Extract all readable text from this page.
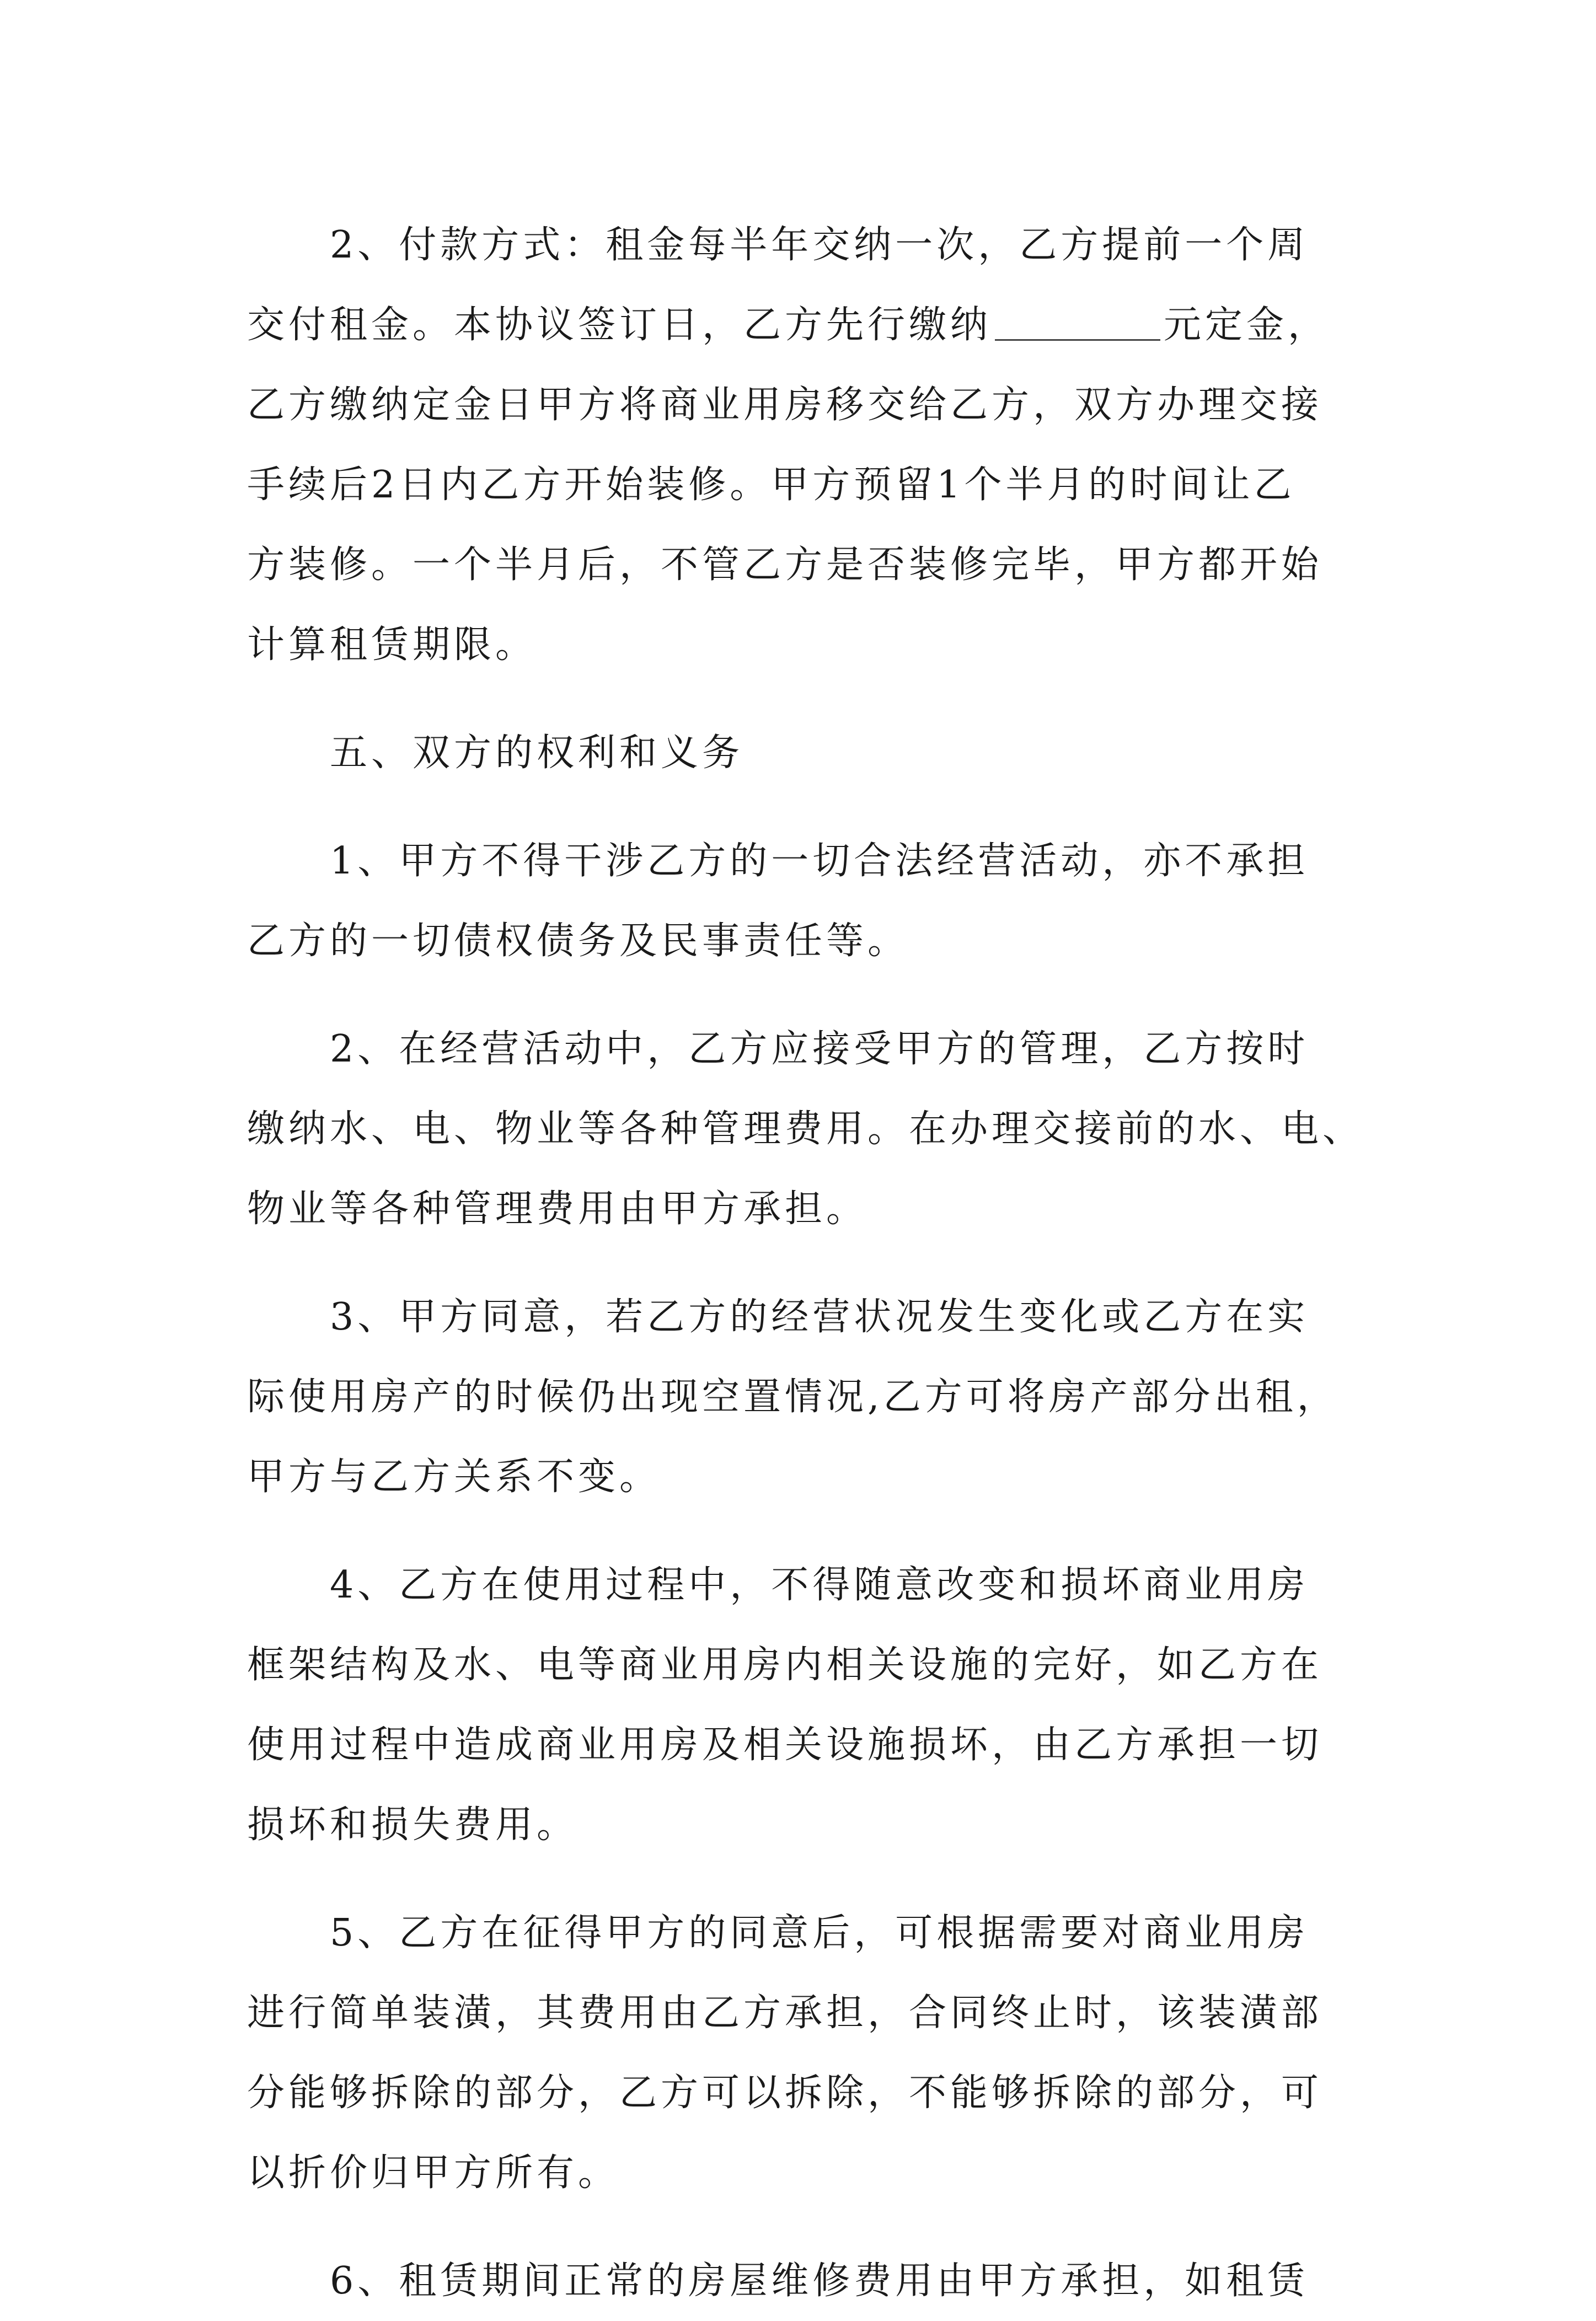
2、付款方式：租金每半年交纳一次，乙方提前一个周
交付租金。本协议签订日，乙方先行缴纳	元定金，
乙方缴纳定金日甲方将商业用房移交给乙方，双方办理交接
手续后2日内乙方开始装修。甲方预留1个半月的时间让乙
方装修。一个半月后，不管乙方是否装修完毕，甲方都开始
计算租赁期限。
五、双方的权利和义务
1、甲方不得干涉乙方的一切合法经营活动，亦不承担
乙方的一切债权债务及民事责任等。
2、在经营活动中，乙方应接受甲方的管理，乙方按时
缴纳水、电、物业等各种管理费用。在办理交接前的水、电、
物业等各种管理费用由甲方承担。
3、甲方同意，若乙方的经营状况发生变化或乙方在实
际使用房产的时候仍出现空置情况,乙方可将房产部分出租，
甲方与乙方关系不变。
4、乙方在使用过程中，不得随意改变和损坏商业用房
框架结构及水、电等商业用房内相关设施的完好，如乙方在
使用过程中造成商业用房及相关设施损坏，由乙方承担一切
损坏和损失费用。
5、乙方在征得甲方的同意后，可根据需要对商业用房
进行简单装潢，其费用由乙方承担，合同终止时，该装潢部
分能够拆除的部分，乙方可以拆除，不能够拆除的部分，可
以折价归甲方所有。
6、租赁期间正常的房屋维修费用由甲方承担，如租赁
